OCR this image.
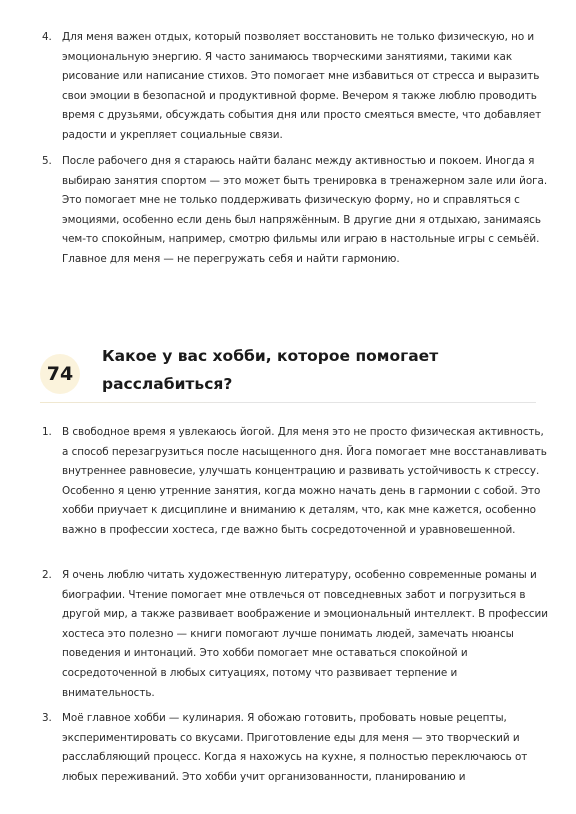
4. Для меня важен отдых, который позволяет восстановить не только физическую, но и эмоциональную энергию. Я часто занимаюсь творческими занятиями, такими как рисование или написание стихов. Это помогает мне избавиться от стресса и выразить свои эмоции в безопасной и продуктивной форме. Вечером я также люблю проводить время с друзьями, обсуждать события дня или просто смеяться вместе, что добавляет радости и укрепляет социальные связи.

5. После рабочего дня я стараюсь найти баланс между активностью и покоем. Иногда я выбираю занятия спортом — это может быть тренировка в тренажерном зале или йога. Это помогает мне не только поддерживать физическую форму, но и справляться с эмоциями, особенно если день был напряжённым. В другие дни я отдыхаю, занимаясь чем-то спокойным, например, смотрю фильмы или играю в настольные игры с семьёй. Главное для меня — не перегружать себя и найти гармонию.

74
Какое у вас хобби, которое помогает расслабиться?

1. В свободное время я увлекаюсь йогой. Для меня это не просто физическая активность, а способ перезагрузиться после насыщенного дня. Йога помогает мне восстанавливать внутреннее равновесие, улучшать концентрацию и развивать устойчивость к стрессу. Особенно я ценю утренние занятия, когда можно начать день в гармонии с собой. Это хобби приучает к дисциплине и вниманию к деталям, что, как мне кажется, особенно важно в профессии хостеса, где важно быть сосредоточенной и уравновешенной.

2. Я очень люблю читать художественную литературу, особенно современные романы и биографии. Чтение помогает мне отвлечься от повседневных забот и погрузиться в другой мир, а также развивает воображение и эмоциональный интеллект. В профессии хостеса это полезно — книги помогают лучше понимать людей, замечать нюансы поведения и интонаций. Это хобби помогает мне оставаться спокойной и сосредоточенной в любых ситуациях, потому что развивает терпение и внимательность.

3. Моё главное хобби — кулинария. Я обожаю готовить, пробовать новые рецепты, экспериментировать со вкусами. Приготовление еды для меня — это творческий и расслабляющий процесс. Когда я нахожусь на кухне, я полностью переключаюсь от любых переживаний. Это хобби учит организованности, планированию и
